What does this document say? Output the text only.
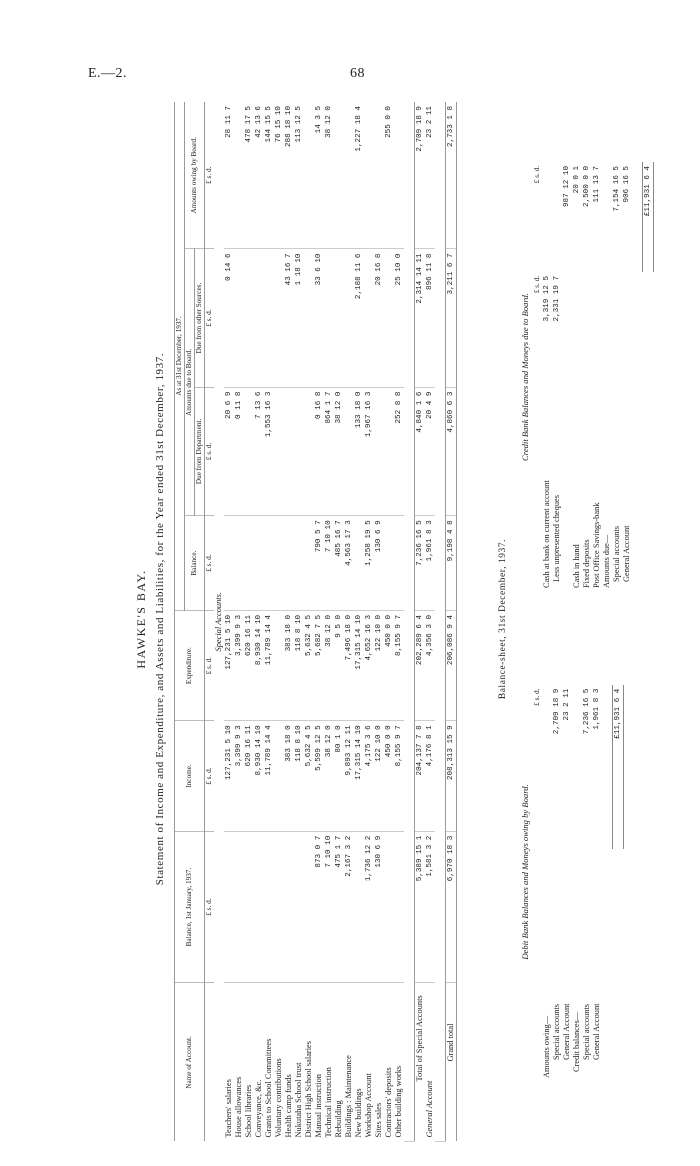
E.—2.	68
HAWKE'S BAY. Statement of Income and Expenditure, and Assets and Liabilities, for the Year ended 31st December, 1937.
Name of Account.	Balance, 1st January, 1937.	Income.	Expenditure.	As at 31st December, 1937.			
				Balance.	Amounts due to Board.		Amounts owing by Board.
					Due from Department.	Due from other Sources.	
	£ s. d.	£ s. d.	£ s. d.	£ s. d.	£ s. d.	£ s. d.	£ s. d.
Special Accounts.							
Teachers' salaries		127,231 5 10	127,231 5 10		20 6 9	0 14 6	28 11 7
House allowances		3,399 9 3	3,399 9 3		0 11 8		
School libraries		620 16 11	620 16 11				478 17 5
Conveyance, &c.		8,930 14 10	8,930 14 10		7 13 6		42 13 6
Grants to School Committees		11,789 14 4	11,789 14 4		1,553 16 3		144 15 5
Voluntary contributions							76 15 10
Health camp funds		383 18 0	383 18 0			43 16 7	288 18 10
Nukutaha School trust		118 8 10	118 8 10			1 18 10	113 12 5
District High School salaries		5,632 4 5	5,632 4 5				
Manual instruction	873 0 7	5,599 12 5	5,682 7 5	790 5 7	0 16 8	33 6 10	14 3 5
Technical instruction	7 10 10	38 12 0	38 12 0	7 10 10	864 1 7		38 12 0
Rebuilding	475 1 7	80 1 0	9 5 0	485 16 7	38 12 0		
Buildings : Maintenance	2,167 3 2	9,893 12 11	7,496 18 0	4,563 17 3			
New buildings		17,315 14 10	17,315 14 10		133 18 0	2,188 11 6	1,227 18 4
Workshop Account	1,736 12 2	4,175 3 6	4,652 16 3	1,258 19 5	1,967 16 3		
Sites sales	130 6 9	122 10 0	122 10 0	130 6 9		20 16 8	
Contractors' deposits		450 0 0	450 0 0				255 0 0
Other building works		8,155 9 7	8,155 9 7		252 8 8	25 10 0	

Total of Special Accounts	5,389 15 1	204,137 7 8	202,289 6 4	7,236 16 5	4,840 1 6	2,314 14 11	2,709 18 9
General Account	1,581 3 2	4,176 8 1	4,356 3 0	1,961 8 3	20 4 9	896 11 8	23 2 11

Grand total	6,970 18 3	208,313 15 9	206,086 9 4	9,198 4 8	4,860 6 3	3,211 6 7	2,733 1 8
Balance-sheet, 31st December, 1937.
Debit Bank Balances and Moneys owing by Board.
	£ s. d.	
Amounts owing—		
Special accounts	2,709 18 9	
General Account	23 2 11	
Credit balances—		
Special accounts	7,236 16 5	
General Account	1,961 8 3	

	£11,931 6 4	
Credit Bank Balances and Moneys due to Board.
	£ s. d.	£ s. d.
Cash at bank on current account	3,319 12 5	
Less unpresented cheques	2,331 19 7	
		987 12 10
Cash in hand		20 0 1
Fixed deposits		2,500 0 0
Post Office Savings-bank		111 13 7
Amounts due—		
Special accounts		7,154 16 5
General Account		906 16 5

		£11,931 6 4
